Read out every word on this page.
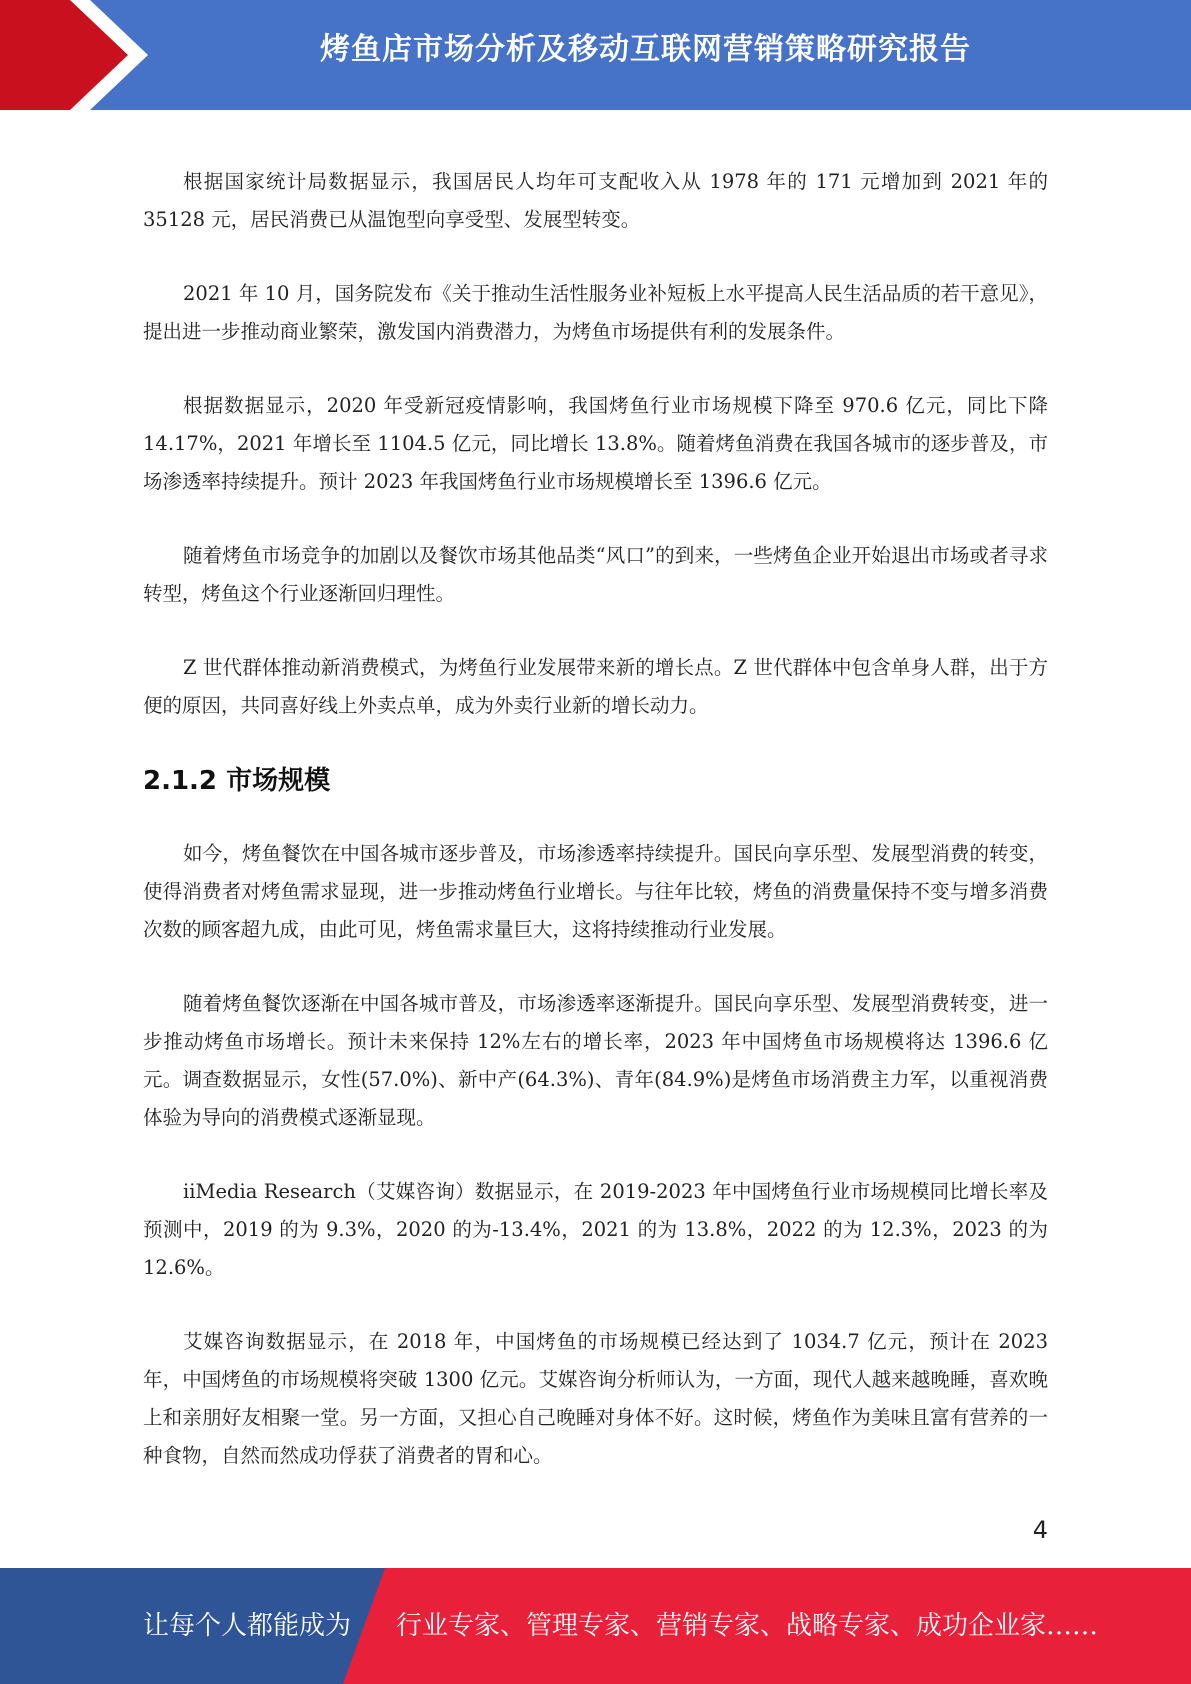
烤鱼店市场分析及移动互联网营销策略研究报告

根据国家统计局数据显示，我国居民人均年可支配收入从 1978 年的 171 元增加到 2021 年的 35128 元，居民消费已从温饱型向享受型、发展型转变。

2021 年 10 月，国务院发布《关于推动生活性服务业补短板上水平提高人民生活品质的若干意见》，提出进一步推动商业繁荣，激发国内消费潜力，为烤鱼市场提供有利的发展条件。

根据数据显示，2020 年受新冠疫情影响，我国烤鱼行业市场规模下降至 970.6 亿元，同比下降 14.17%，2021 年增长至 1104.5 亿元，同比增长 13.8%。随着烤鱼消费在我国各城市的逐步普及，市场渗透率持续提升。预计 2023 年我国烤鱼行业市场规模增长至 1396.6 亿元。

随着烤鱼市场竞争的加剧以及餐饮市场其他品类“风口”的到来，一些烤鱼企业开始退出市场或者寻求转型，烤鱼这个行业逐渐回归理性。

Z 世代群体推动新消费模式，为烤鱼行业发展带来新的增长点。Z 世代群体中包含单身人群，出于方便的原因，共同喜好线上外卖点单，成为外卖行业新的增长动力。

2.1.2 市场规模

如今，烤鱼餐饮在中国各城市逐步普及，市场渗透率持续提升。国民向享乐型、发展型消费的转变，使得消费者对烤鱼需求显现，进一步推动烤鱼行业增长。与往年比较，烤鱼的消费量保持不变与增多消费次数的顾客超九成，由此可见，烤鱼需求量巨大，这将持续推动行业发展。

随着烤鱼餐饮逐渐在中国各城市普及，市场渗透率逐渐提升。国民向享乐型、发展型消费转变，进一步推动烤鱼市场增长。预计未来保持 12%左右的增长率，2023 年中国烤鱼市场规模将达 1396.6 亿元。调查数据显示，女性(57.0%)、新中产(64.3%)、青年(84.9%)是烤鱼市场消费主力军，以重视消费体验为导向的消费模式逐渐显现。

iiMedia Research（艾媒咨询）数据显示，在 2019-2023 年中国烤鱼行业市场规模同比增长率及预测中，2019 的为 9.3%，2020 的为-13.4%，2021 的为 13.8%，2022 的为 12.3%，2023 的为 12.6%。

艾媒咨询数据显示，在 2018 年，中国烤鱼的市场规模已经达到了 1034.7 亿元，预计在 2023 年，中国烤鱼的市场规模将突破 1300 亿元。艾媒咨询分析师认为，一方面，现代人越来越晚睡，喜欢晚上和亲朋好友相聚一堂。另一方面，又担心自己晚睡对身体不好。这时候，烤鱼作为美味且富有营养的一种食物，自然而然成功俘获了消费者的胃和心。

4
让每个人都能成为 行业专家、管理专家、营销专家、战略专家、成功企业家……
